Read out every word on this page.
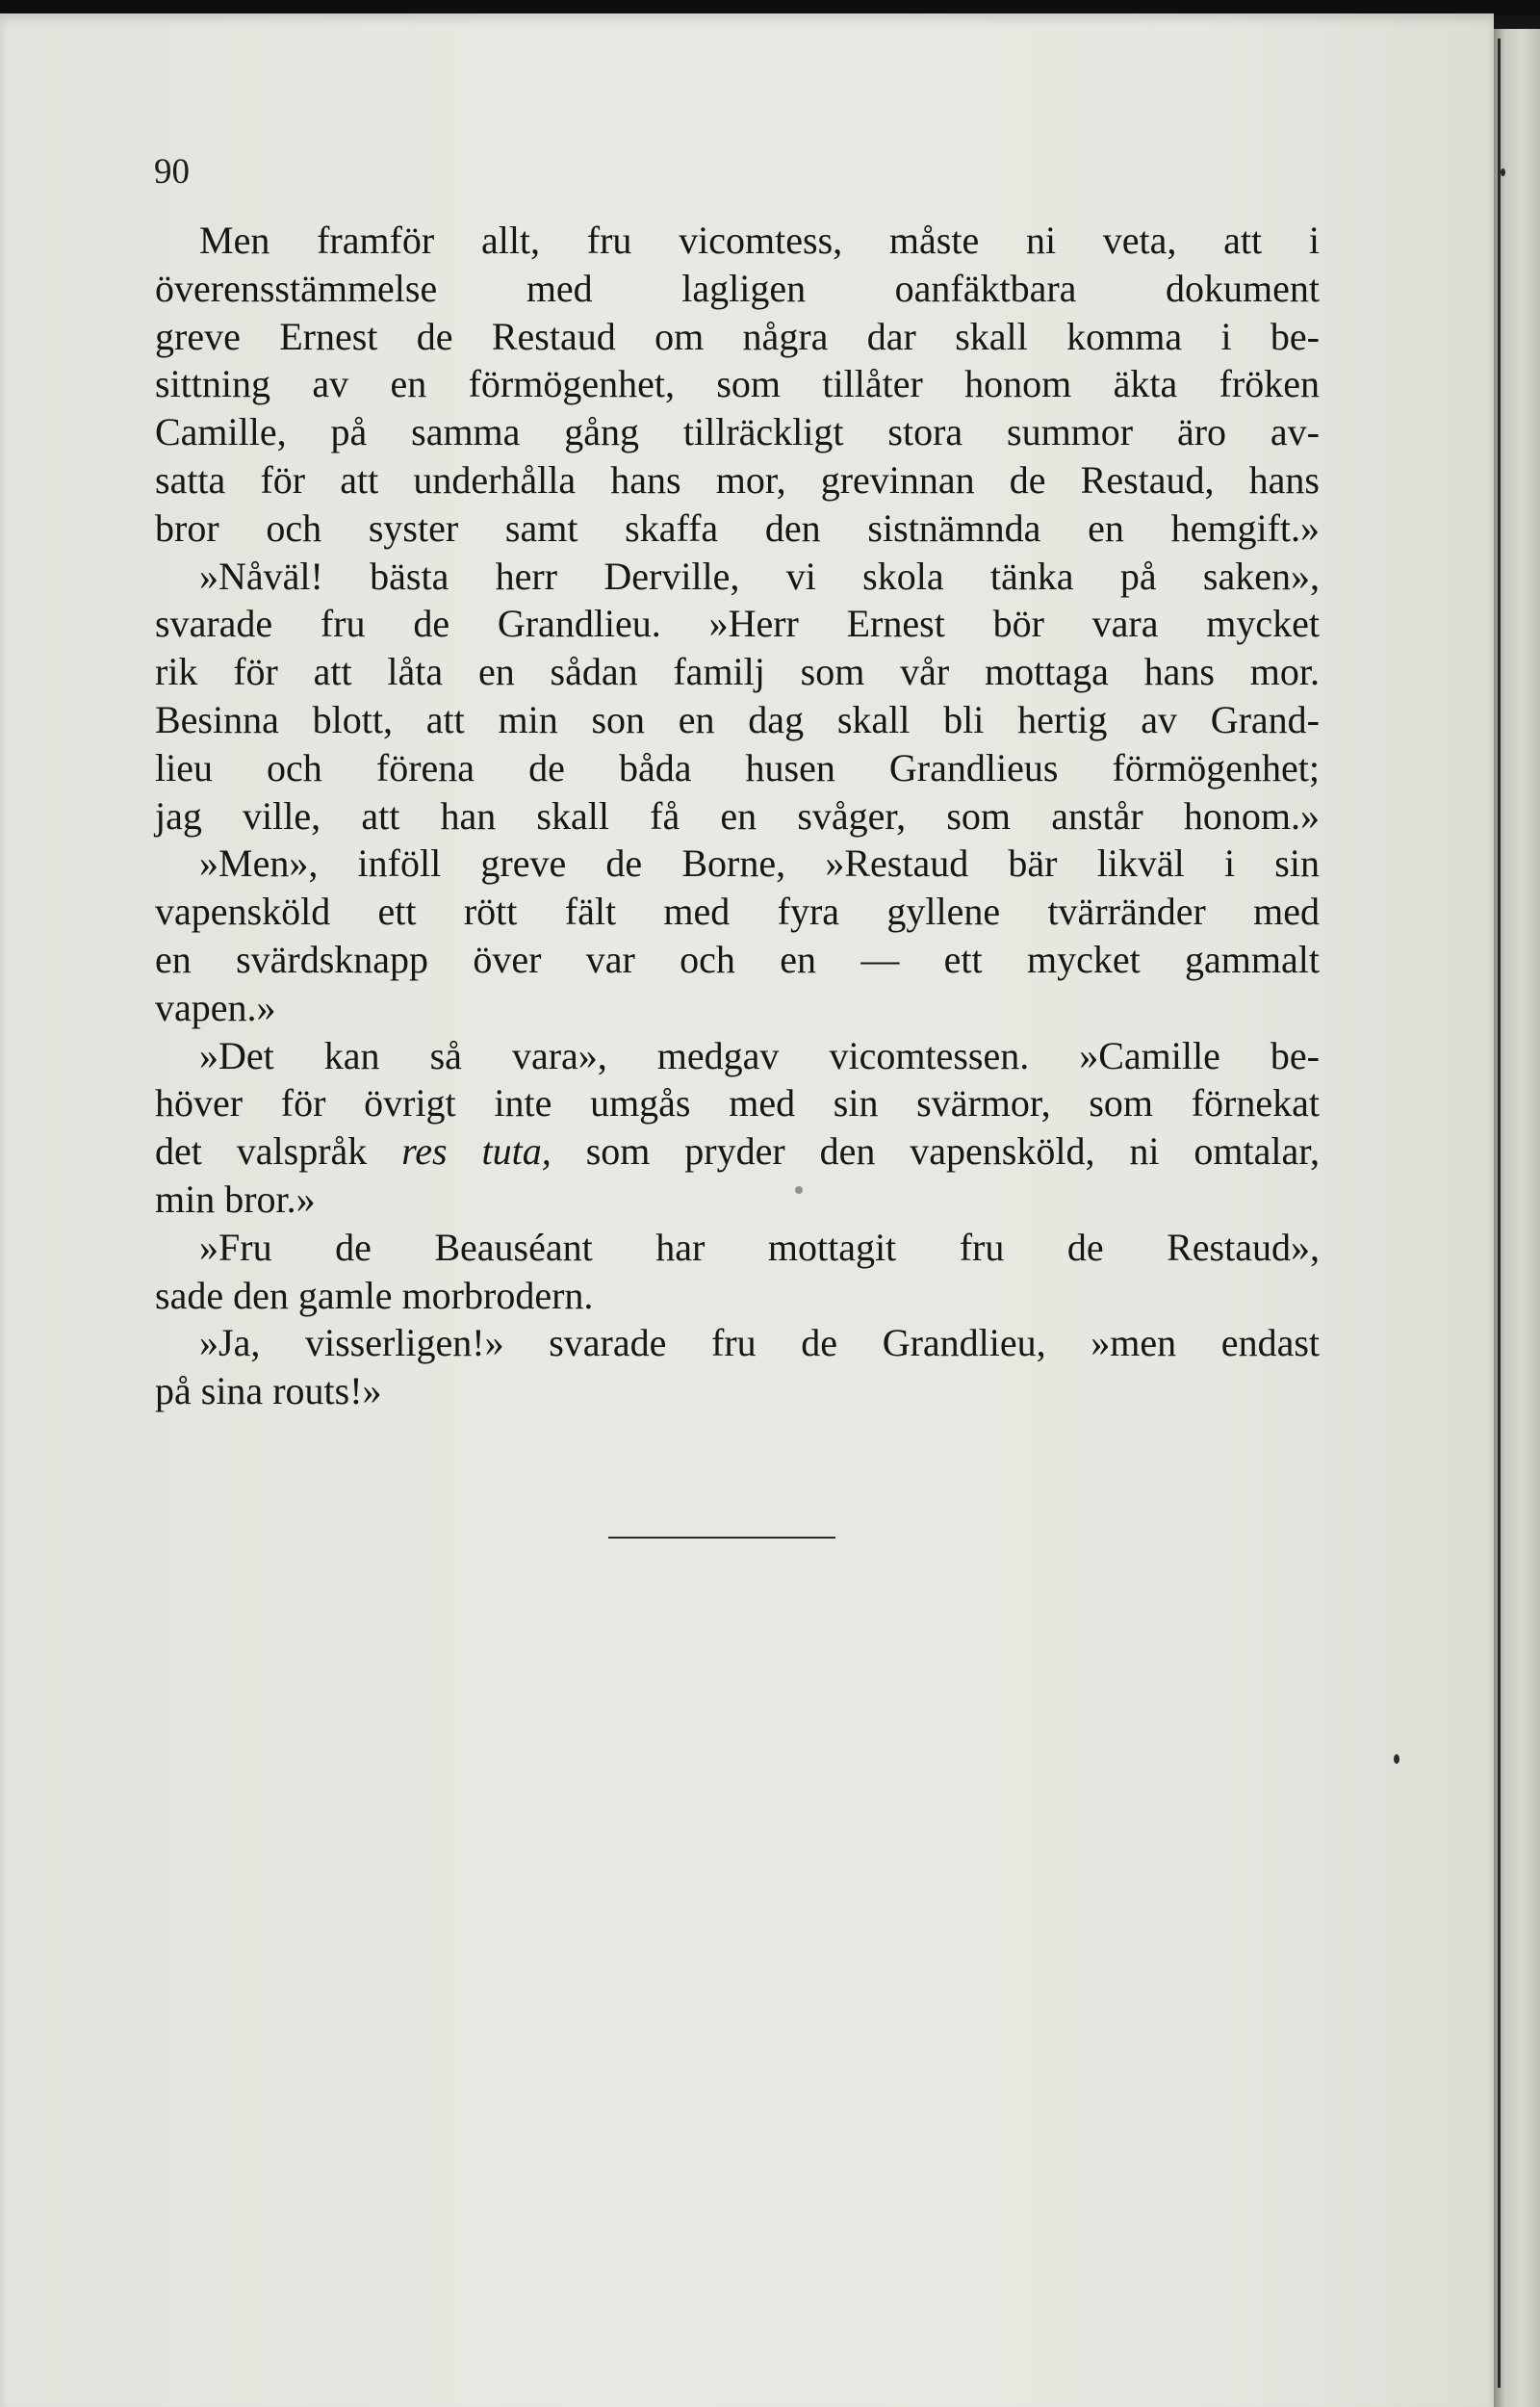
90

Men framför allt, fru vicomtess, måste ni veta, att i
överensstämmelse med lagligen oanfäktbara dokument
greve Ernest de Restaud om några dar skall komma i be-
sittning av en förmögenhet, som tillåter honom äkta fröken
Camille, på samma gång tillräckligt stora summor äro av-
satta för att underhålla hans mor, grevinnan de Restaud, hans
bror och syster samt skaffa den sistnämnda en hemgift.»
»Nåväl! bästa herr Derville, vi skola tänka på saken»,
svarade fru de Grandlieu. »Herr Ernest bör vara mycket
rik för att låta en sådan familj som vår mottaga hans mor.
Besinna blott, att min son en dag skall bli hertig av Grand-
lieu och förena de båda husen Grandlieus förmögenhet;
jag ville, att han skall få en svåger, som anstår honom.»
»Men», inföll greve de Borne, »Restaud bär likväl i sin
vapensköld ett rött fält med fyra gyllene tvärränder med
en svärdsknapp över var och en — ett mycket gammalt
vapen.»
»Det kan så vara», medgav vicomtessen. »Camille be-
höver för övrigt inte umgås med sin svärmor, som förnekat
det valspråk res tuta, som pryder den vapensköld, ni omtalar,
min bror.»
»Fru de Beauséant har mottagit fru de Restaud»,
sade den gamle morbrodern.
»Ja, visserligen!» svarade fru de Grandlieu, »men endast
på sina routs!»
